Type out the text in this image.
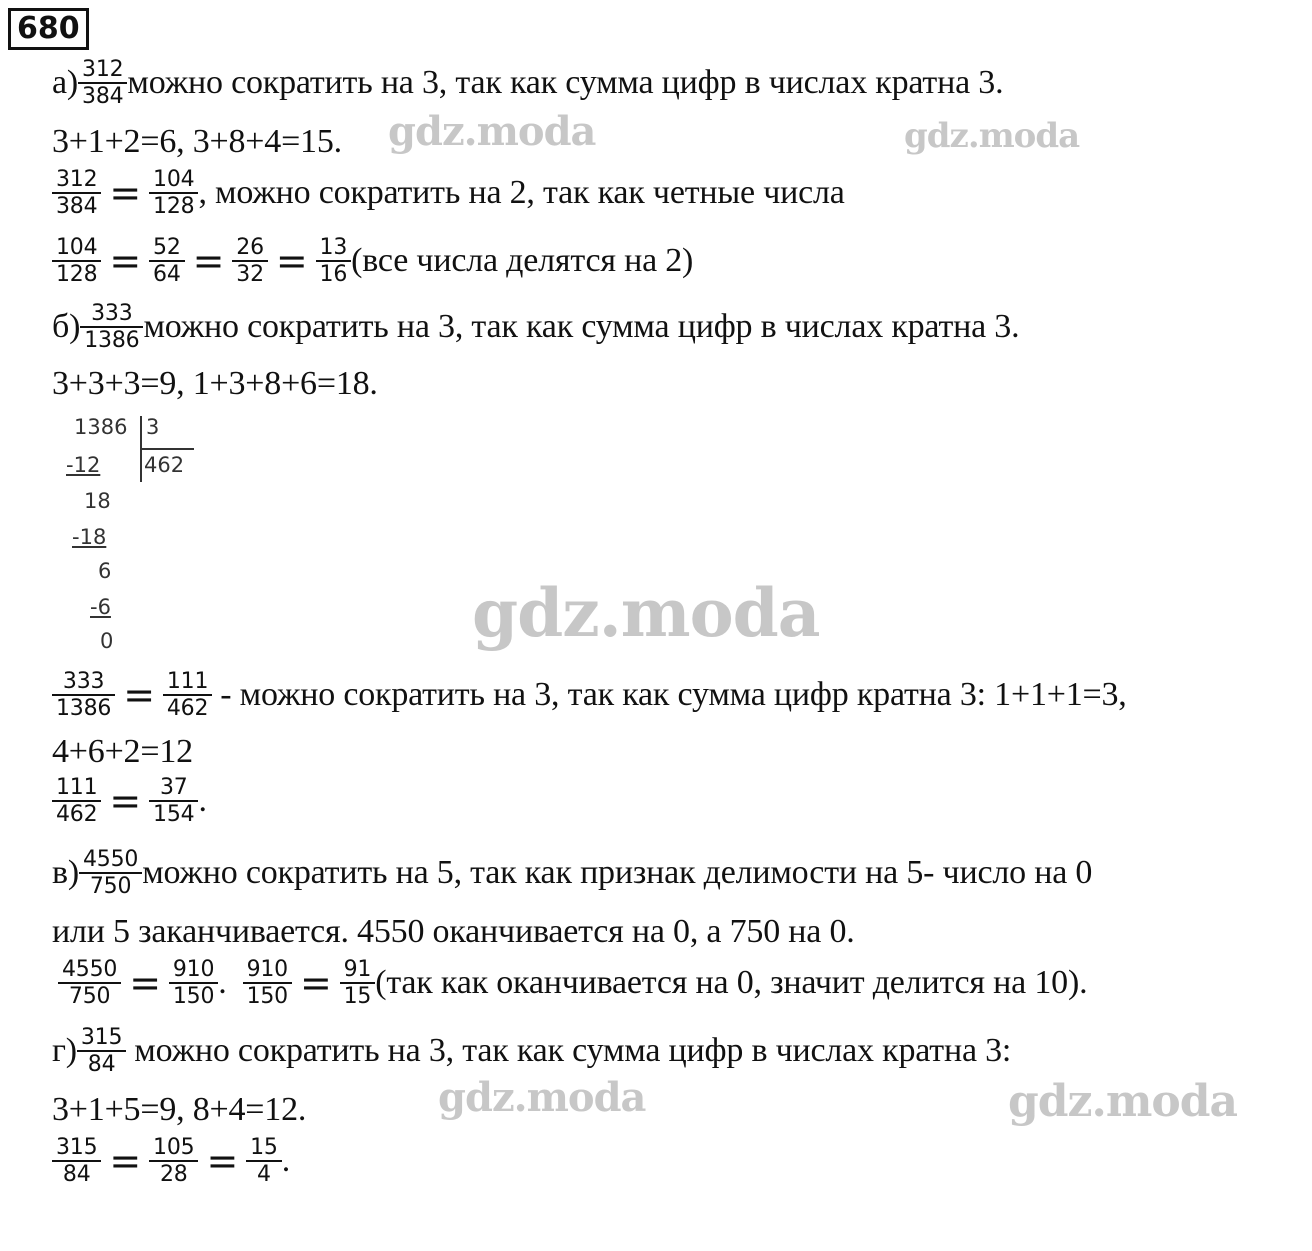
680
$а) \frac{312}{384}$ можно сократить на 3, так как сумма цифр в числах кратна 3.
3+1+2=6, 3+8+4=15.
$\frac{312}{384} = \frac{104}{128}$ , можно сократить на 2, так как четные числа
$\frac{104}{128} = \frac{52}{64} = \frac{26}{32} = \frac{13}{16} (все$ числа делятся на 2)
$б) \frac{333}{1386}$ можно сократить на 3, так как сумма цифр в числах кратна 3.
3+3+3=9, 1+3+8+6=18.
1386 3
462
-12
18
-18
6
-6
0
$\frac{333}{1386} = \frac{111}{462}$ - можно сократить на 3, так как сумма цифр кратна 3: 1+1+1=3,
4+6+2=12
$\frac{111}{462} = \frac{37}{154}$ .
$в) \frac{4550}{750}$ можно сократить на 5, так как признак делимости на 5- число на 0
или 5 заканчивается. 4550 оканчивается на 0, а 750 на 0.
$\frac{4550}{750} = \frac{910}{150}$ . $\frac{910}{150} = \frac{91}{15} (так$ как оканчивается на 0, значит делится на 10).
$г) \frac{315}{84}$ можно сократить на 3, так как сумма цифр в числах кратна 3:
3+1+5=9, 8+4=12.
$\frac{315}{84} = \frac{105}{28} = \frac{15}{4}$ .
gdz.moda	gdz.moda
gdz.moda
gdz.moda	gdz.moda
